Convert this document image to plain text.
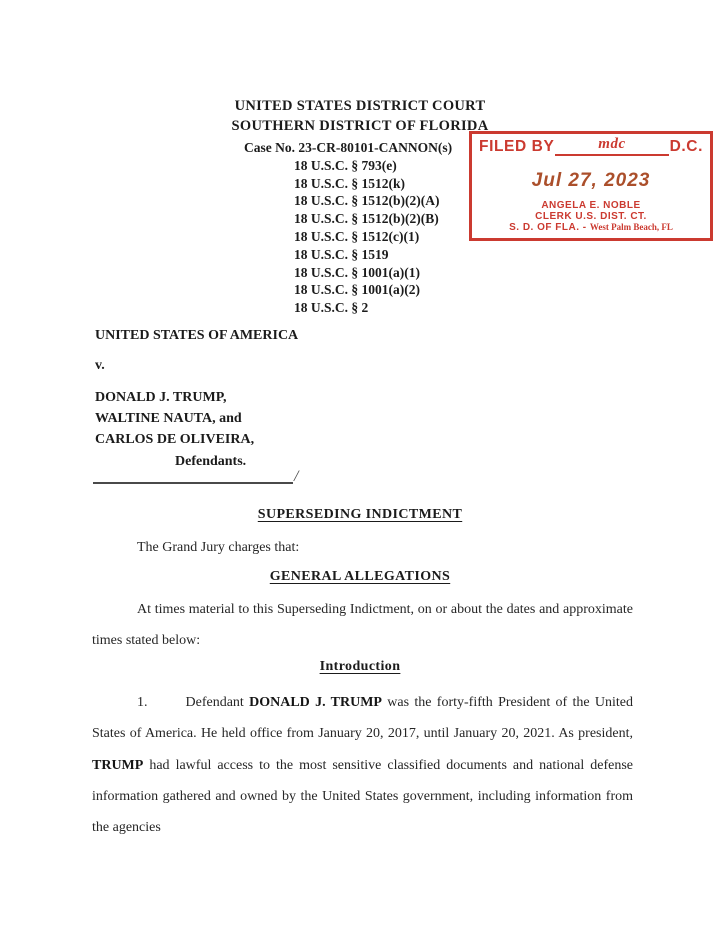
UNITED STATES DISTRICT COURT
SOUTHERN DISTRICT OF FLORIDA
Case No. 23-CR-80101-CANNON(s)
18 U.S.C. § 793(e)
18 U.S.C. § 1512(k)
18 U.S.C. § 1512(b)(2)(A)
18 U.S.C. § 1512(b)(2)(B)
18 U.S.C. § 1512(c)(1)
18 U.S.C. § 1519
18 U.S.C. § 1001(a)(1)
18 U.S.C. § 1001(a)(2)
18 U.S.C. § 2
FILED BY	mdc	D.C.
Jul 27, 2023
ANGELA E. NOBLE
CLERK U.S. DIST. CT.
S. D. OF FLA. - West Palm Beach, FL
UNITED STATES OF AMERICA
v.
DONALD J. TRUMP,
WALTINE NAUTA, and
CARLOS DE OLIVEIRA,
Defendants.
/
SUPERSEDING INDICTMENT
The Grand Jury charges that:
GENERAL ALLEGATIONS
At times material to this Superseding Indictment, on or about the dates and approximate times stated below:
Introduction
1.	Defendant DONALD J. TRUMP was the forty-fifth President of the United States of America. He held office from January 20, 2017, until January 20, 2021. As president, TRUMP had lawful access to the most sensitive classified documents and national defense information gathered and owned by the United States government, including information from the agencies
